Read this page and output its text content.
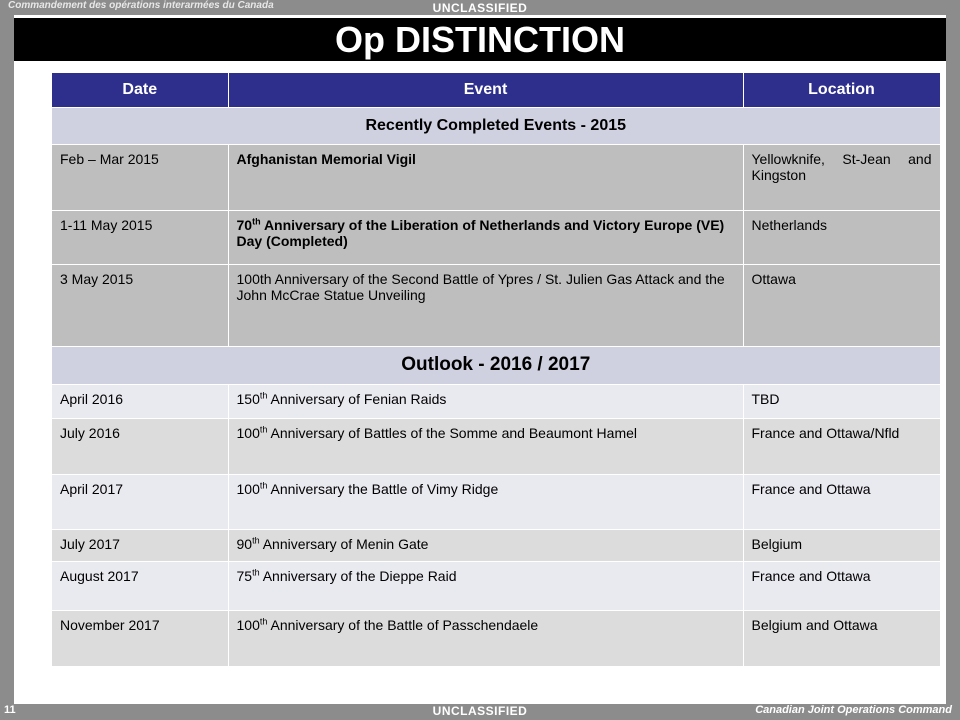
Commandement des opérations interarmées du Canada	UNCLASSIFIED
Op DISTINCTION
Date	Event	Location
Recently Completed Events - 2015		
Feb – Mar 2015	Afghanistan Memorial Vigil	Yellowknife, St-Jean and Kingston
1-11 May 2015	70th Anniversary of the Liberation of Netherlands and Victory Europe (VE) Day (Completed)	Netherlands
3 May 2015	100th Anniversary of the Second Battle of Ypres / St. Julien Gas Attack and the John McCrae Statue Unveiling	Ottawa
Outlook - 2016 / 2017		
April 2016	150th Anniversary of Fenian Raids	TBD
July 2016	100th Anniversary of Battles of the Somme and Beaumont Hamel	France and Ottawa/Nfld
April 2017	100th Anniversary the Battle of Vimy Ridge	France and Ottawa
July 2017	90th Anniversary of Menin Gate	Belgium
August 2017	75th Anniversary of the Dieppe Raid	France and Ottawa
November 2017	100th Anniversary of the Battle of Passchendaele	Belgium and Ottawa
11	UNCLASSIFIED	Canadian Joint Operations Command
